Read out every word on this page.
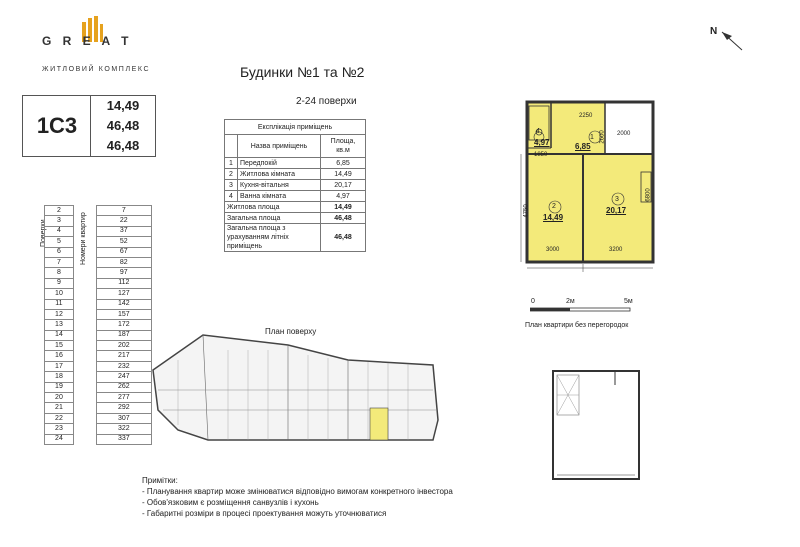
G R E A T
ЖИТЛОВИЙ КОМПЛЕКС	Будинки №1 та №2
2-24 поверхи
1С3
14,49
46,48
46,48
Експлікація приміщень		
	Назва приміщень	Площа, кв.м
1	Передпокій	6,85
2	Житлова кімната	14,49
3	Кухня-вітальня	20,17
4	Ванна кімната	4,97
Житлова площа		14,49
Загальна площа		46,48
Загальна площа з урахуванням літніх приміщень		46,48
Поверхи	Номери квартир
	2		7
	3		22
	4		37
	5		52
	6		67
	7		82
	8		97
	9		112
	10		127
	11		142
	12		157
	13		172
	14		187
	15		202
	16		217
	17		232
	18		247
	19		262
	20		277
	21		292
	22		307
	23		322
	24		337
2250
2000
1850
2600
4750
3000	3200
6800
1
6,85
4
4,97
2
14,49
3
20,17
N
0	2м	5м
План квартири без перегородок
План поверху
Примітки:
- Планування квартир може змінюватися відповідно вимогам конкретного інвестора
- Обов'язковим є розміщення санвузлів і кухонь
- Габаритні розміри в процесі проектування можуть уточнюватися
